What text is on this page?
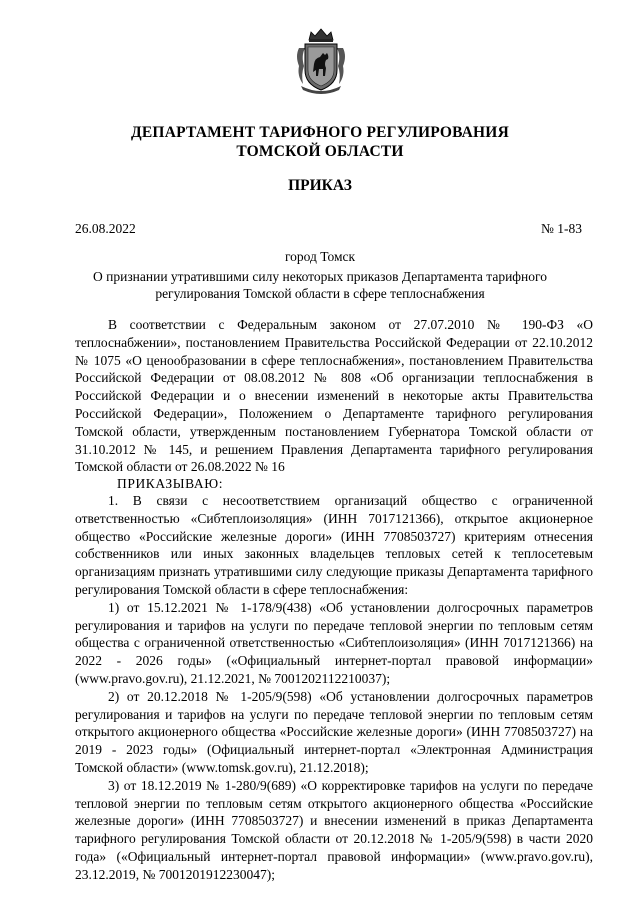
ДЕПАРТАМЕНТ ТАРИФНОГО РЕГУЛИРОВАНИЯ
ТОМСКОЙ ОБЛАСТИ
ПРИКАЗ
26.08.2022	№ 1-83
город Томск
О признании утратившими силу некоторых приказов Департамента тарифного регулирования Томской области в сфере теплоснабжения

В соответствии с Федеральным законом от 27.07.2010 № 190-ФЗ «О теплоснабжении», постановлением Правительства Российской Федерации от 22.10.2012 № 1075 «О ценообразовании в сфере теплоснабжения», постановлением Правительства Российской Федерации от 08.08.2012 № 808 «Об организации теплоснабжения в Российской Федерации и о внесении изменений в некоторые акты Правительства Российской Федерации», Положением о Департаменте тарифного регулирования Томской области, утвержденным постановлением Губернатора Томской области от 31.10.2012 № 145, и решением Правления Департамента тарифного регулирования Томской области от 26.08.2022 № 16

ПРИКАЗЫВАЮ:

1. В связи с несоответствием организаций общество с ограниченной ответственностью «Сибтеплоизоляция» (ИНН 7017121366), открытое акционерное общество «Российские железные дороги» (ИНН 7708503727) критериям отнесения собственников или иных законных владельцев тепловых сетей к теплосетевым организациям признать утратившими силу следующие приказы Департамента тарифного регулирования Томской области в сфере теплоснабжения:

1) от 15.12.2021 № 1-178/9(438) «Об установлении долгосрочных параметров регулирования и тарифов на услуги по передаче тепловой энергии по тепловым сетям общества с ограниченной ответственностью «Сибтеплоизоляция» (ИНН 7017121366) на 2022 - 2026 годы» («Официальный интернет-портал правовой информации» (www.pravo.gov.ru), 21.12.2021, № 7001202112210037);

2) от 20.12.2018 № 1-205/9(598) «Об установлении долгосрочных параметров регулирования и тарифов на услуги по передаче тепловой энергии по тепловым сетям открытого акционерного общества «Российские железные дороги» (ИНН 7708503727) на 2019 - 2023 годы» (Официальный интернет-портал «Электронная Администрация Томской области» (www.tomsk.gov.ru), 21.12.2018);

3) от 18.12.2019 № 1-280/9(689) «О корректировке тарифов на услуги по передаче тепловой энергии по тепловым сетям открытого акционерного общества «Российские железные дороги» (ИНН 7708503727) и внесении изменений в приказ Департамента тарифного регулирования Томской области от 20.12.2018 № 1-205/9(598) в части 2020 года» («Официальный интернет-портал правовой информации» (www.pravo.gov.ru), 23.12.2019, № 7001201912230047);
